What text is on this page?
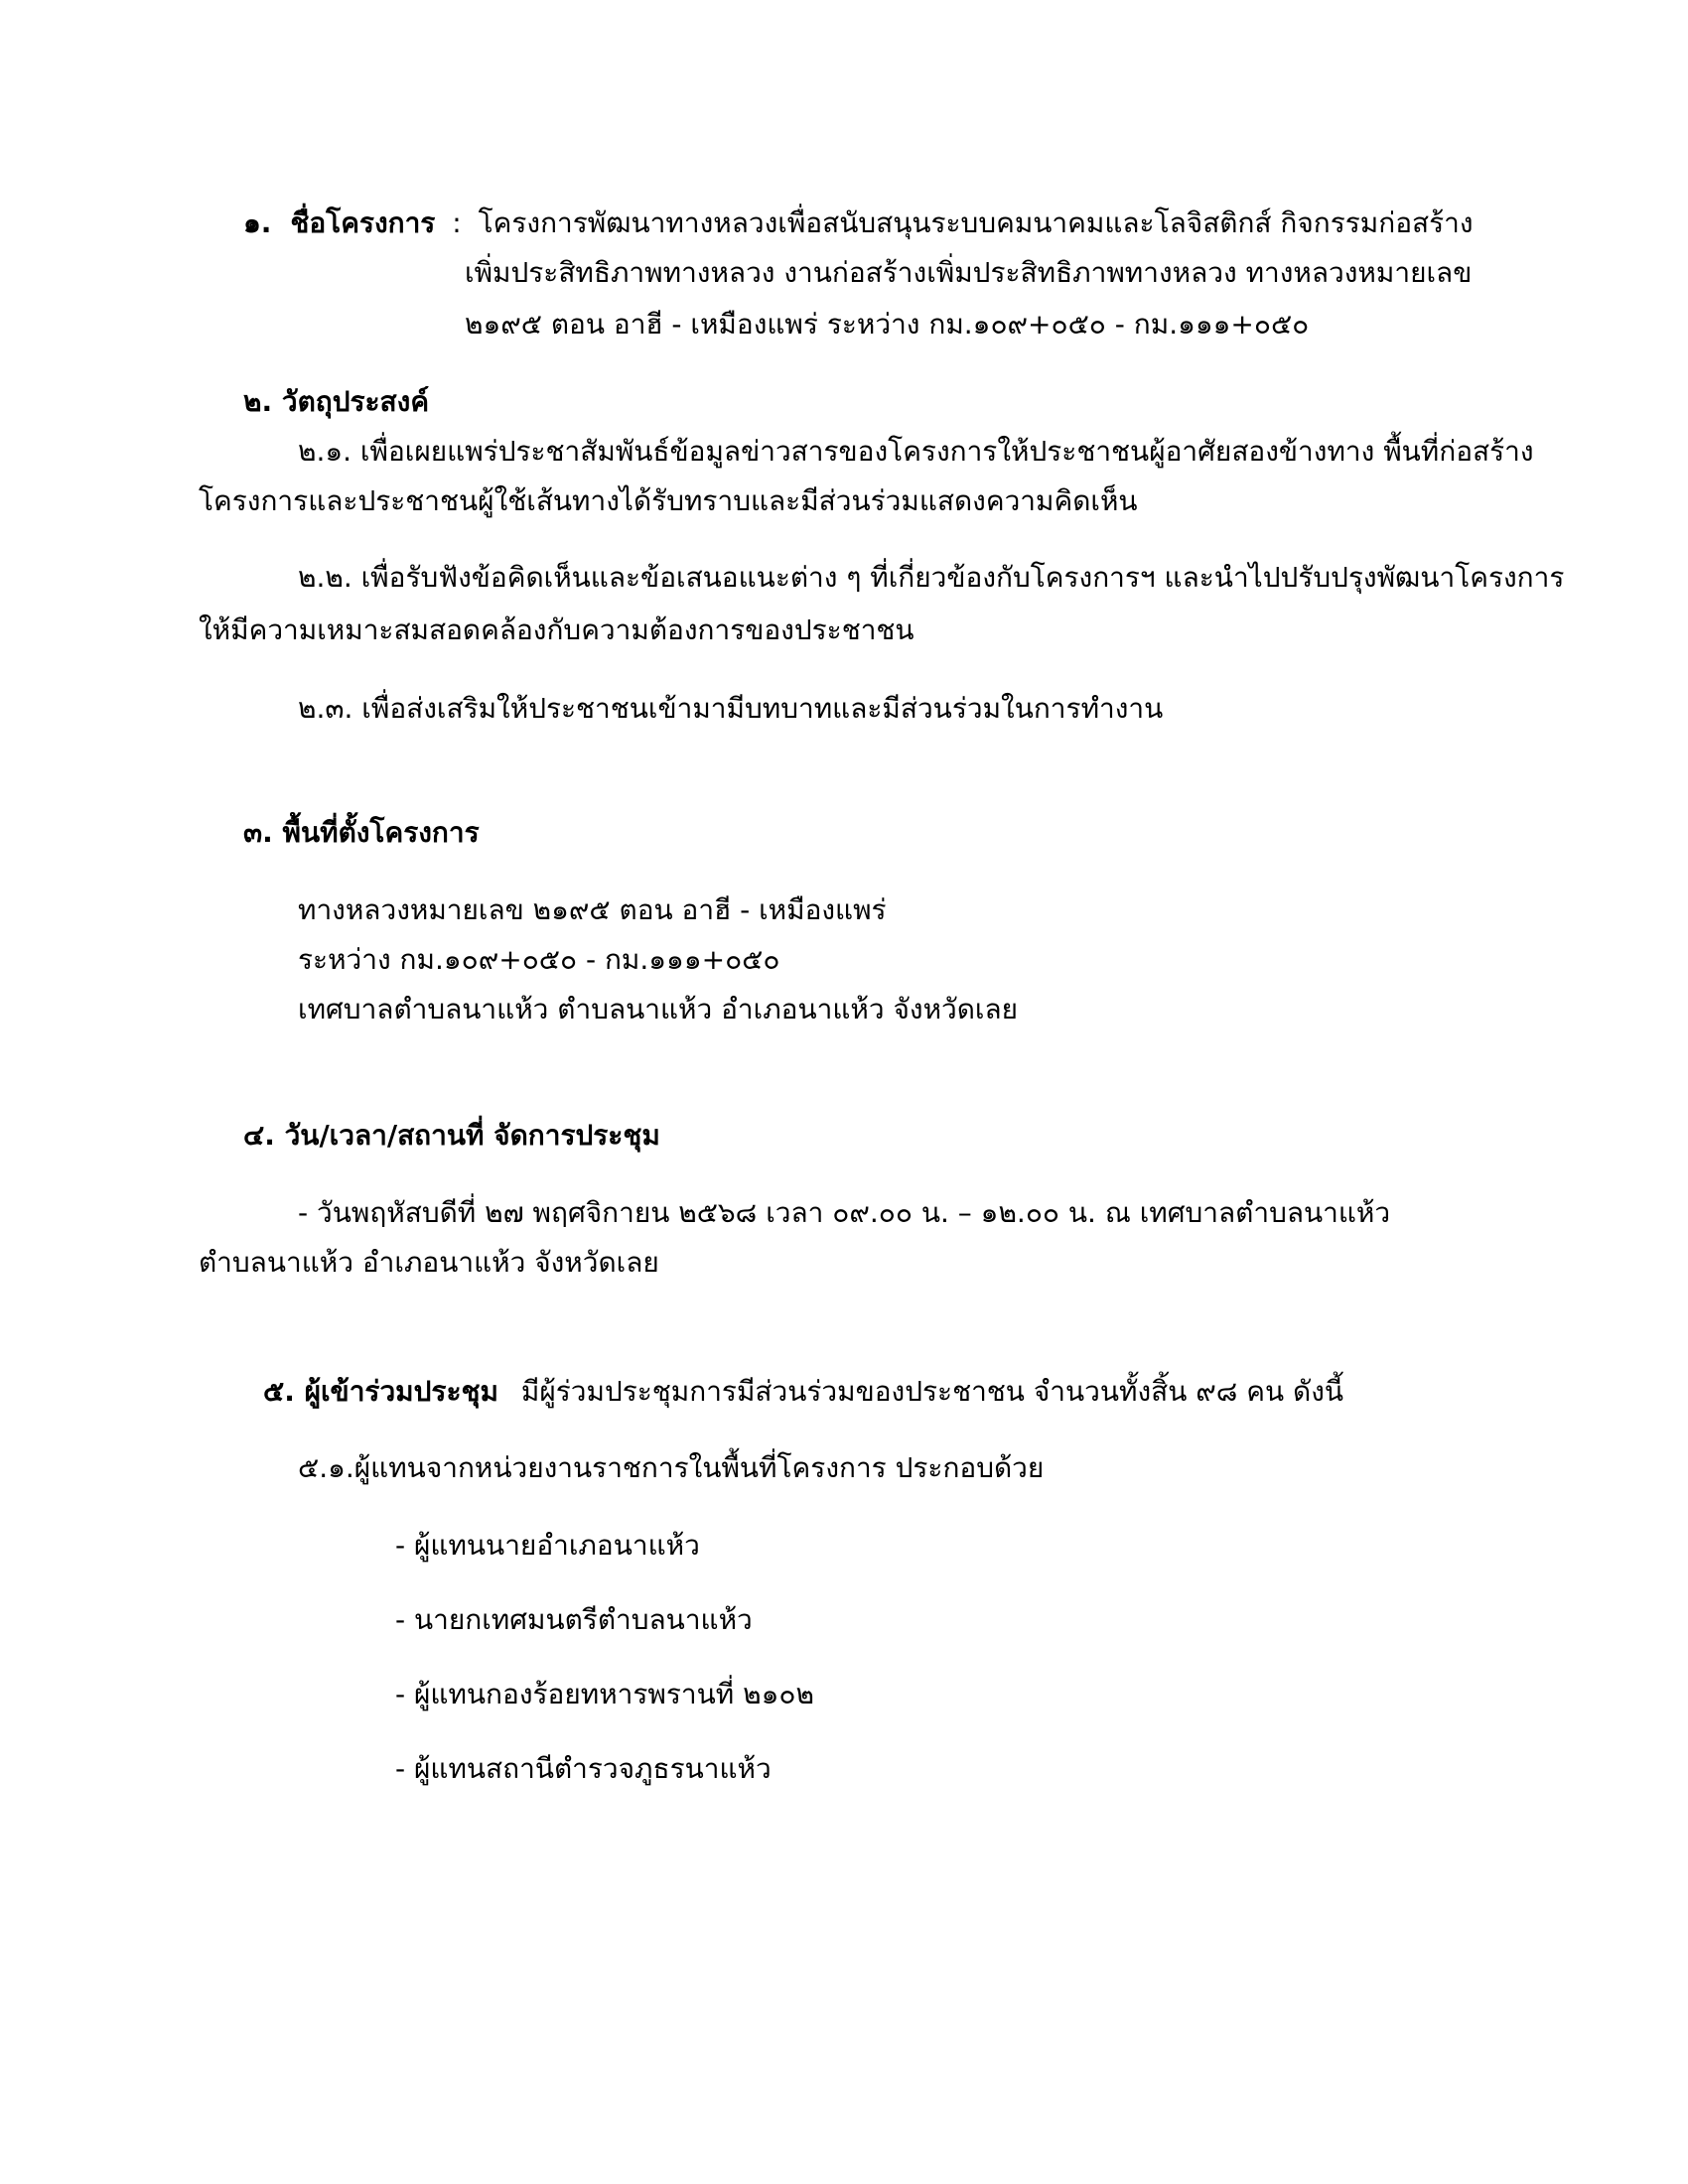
๑. ชื่อโครงการ : โครงการพัฒนาทางหลวงเพื่อสนับสนุนระบบคมนาคมและโลจิสติกส์ กิจกรรมก่อสร้าง
เพิ่มประสิทธิภาพทางหลวง งานก่อสร้างเพิ่มประสิทธิภาพทางหลวง ทางหลวงหมายเลข
๒๑๙๕ ตอน อาฮี - เหมืองแพร่ ระหว่าง กม.๑๐๙+๐๕๐ - กม.๑๑๑+๐๕๐
๒. วัตถุประสงค์
๒.๑. เพื่อเผยแพร่ประชาสัมพันธ์ข้อมูลข่าวสารของโครงการให้ประชาชนผู้อาศัยสองข้างทาง พื้นที่ก่อสร้าง
โครงการและประชาชนผู้ใช้เส้นทางได้รับทราบและมีส่วนร่วมแสดงความคิดเห็น
๒.๒. เพื่อรับฟังข้อคิดเห็นและข้อเสนอแนะต่าง ๆ ที่เกี่ยวข้องกับโครงการฯ และนำไปปรับปรุงพัฒนาโครงการ
ให้มีความเหมาะสมสอดคล้องกับความต้องการของประชาชน
๒.๓. เพื่อส่งเสริมให้ประชาชนเข้ามามีบทบาทและมีส่วนร่วมในการทำงาน
๓. พื้นที่ตั้งโครงการ
ทางหลวงหมายเลข ๒๑๙๕ ตอน อาฮี - เหมืองแพร่
ระหว่าง กม.๑๐๙+๐๕๐ - กม.๑๑๑+๐๕๐
เทศบาลตำบลนาแห้ว ตำบลนาแห้ว อำเภอนาแห้ว จังหวัดเลย
๔. วัน/เวลา/สถานที่ จัดการประชุม
- วันพฤหัสบดีที่ ๒๗ พฤศจิกายน ๒๕๖๘ เวลา ๐๙.๐๐ น. – ๑๒.๐๐ น. ณ เทศบาลตำบลนาแห้ว
ตำบลนาแห้ว อำเภอนาแห้ว จังหวัดเลย
๕. ผู้เข้าร่วมประชุม มีผู้ร่วมประชุมการมีส่วนร่วมของประชาชน จำนวนทั้งสิ้น ๙๘ คน ดังนี้
๕.๑.ผู้แทนจากหน่วยงานราชการในพื้นที่โครงการ ประกอบด้วย
- ผู้แทนนายอำเภอนาแห้ว
- นายกเทศมนตรีตำบลนาแห้ว
- ผู้แทนกองร้อยทหารพรานที่ ๒๑๐๒
- ผู้แทนสถานีตำรวจภูธรนาแห้ว
